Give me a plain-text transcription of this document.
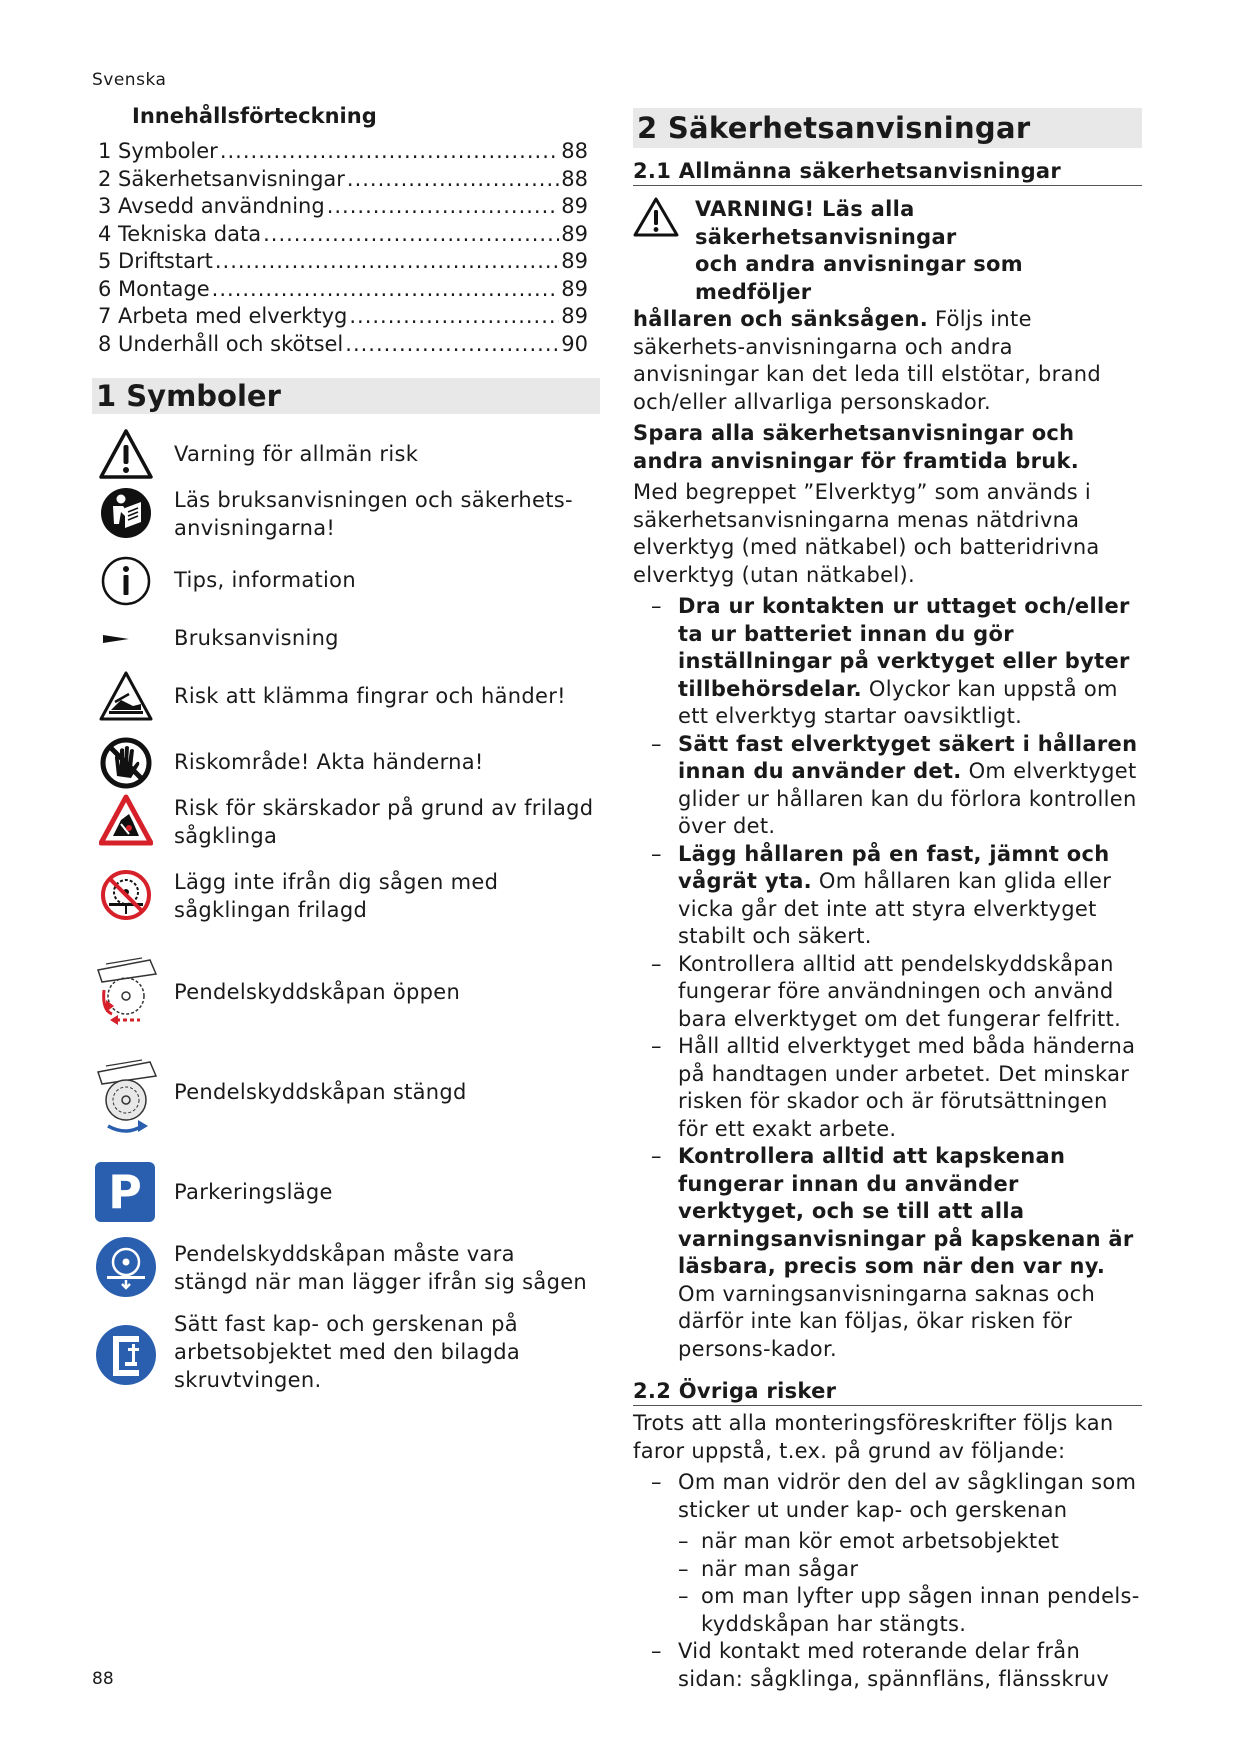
Svenska
Innehållsförteckning
1 Symboler .....	88
2 Säkerhetsanvisningar .....	88
3 Avsedd användning .....	89
4 Tekniska data .....	89
5 Driftstart .....	89
6 Montage .....	89
7 Arbeta med elverktyg .....	89
8 Underhåll och skötsel .....	90
1 Symboler
Varning för allmän risk
Läs bruksanvisningen och säkerhets-anvisningarna!
Tips, information
Bruksanvisning
Risk att klämma fingrar och händer!
Riskområde! Akta händerna!
Risk för skärskador på grund av frilagd sågklinga
Lägg inte ifrån dig sågen med sågklingan frilagd
Pendelskyddskåpan öppen
Pendelskyddskåpan stängd
P	Parkeringsläge
Pendelskyddskåpan måste vara stängd när man lägger ifrån sig sågen
Sätt fast kap- och gerskenan på arbetsobjektet med den bilagda skruvtvingen.
2 Säkerhetsanvisningar
2.1 Allmänna säkerhetsanvisningar
VARNING! Läs alla säkerhetsanvisningar
och andra anvisningar som medföljer

hållaren och sänksågen. Följs inte säkerhets-anvisningarna och andra anvisningar kan det leda till elstötar, brand och/eller allvarliga personskador.

Spara alla säkerhetsanvisningar och andra anvisningar för framtida bruk.

Med begreppet ”Elverktyg” som används i säkerhetsanvisningarna menas nätdrivna elverktyg (med nätkabel) och batteridrivna elverktyg (utan nätkabel).

– Dra ur kontakten ur uttaget och/eller ta ur batteriet innan du gör inställningar på verktyget eller byter tillbehörsdelar. Olyckor kan uppstå om ett elverktyg startar oavsiktligt.

– Sätt fast elverktyget säkert i hållaren innan du använder det. Om elverktyget glider ur hållaren kan du förlora kontrollen över det.

– Lägg hållaren på en fast, jämnt och vågrät yta. Om hållaren kan glida eller vicka går det inte att styra elverktyget stabilt och säkert.

– Kontrollera alltid att pendelskyddskåpan fungerar före användningen och använd bara elverktyget om det fungerar felfritt.

– Håll alltid elverktyget med båda händerna på handtagen under arbetet. Det minskar risken för skador och är förutsättningen för ett exakt arbete.

– Kontrollera alltid att kapskenan fungerar innan du använder verktyget, och se till att alla varningsanvisningar på kapskenan är läsbara, precis som när den var ny. Om varningsanvisningarna saknas och därför inte kan följas, ökar risken för persons-kador.

2.2 Övriga risker

Trots att alla monteringsföreskrifter följs kan faror uppstå, t.ex. på grund av följande:

– Om man vidrör den del av sågklingan som sticker ut under kap- och gerskenan

– när man kör emot arbetsobjektet

– när man sågar

– om man lyfter upp sågen innan pendels-kyddskåpan har stängts.

– Vid kontakt med roterande delar från sidan: sågklinga, spännfläns, flänsskruv

88
